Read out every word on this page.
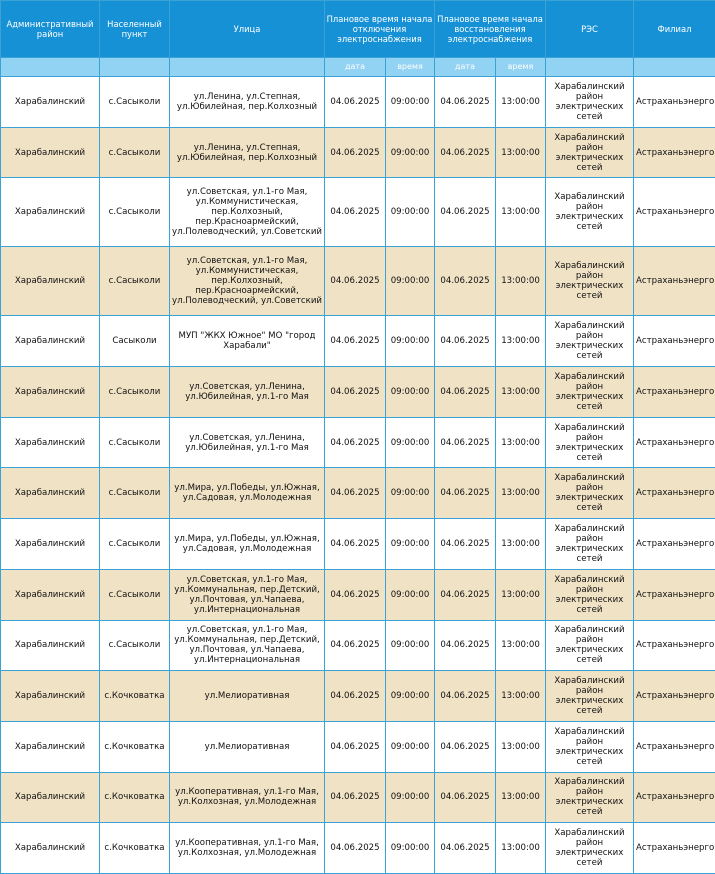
Административный район	Населенный пункт	Улица	Плановое время начала отключения электроснабжения		Плановое время начала восстановления электроснабжения		РЭС	Филиал
			дата	время	дата	время		
Харабалинский	с.Сасыколи	ул.Ленина, ул.Степная, ул.Юбилейная, пер.Колхозный	04.06.2025	09:00:00	04.06.2025	13:00:00	Харабалинский район электрических сетей	Астраханьэнерго
Харабалинский	с.Сасыколи	ул.Ленина, ул.Степная, ул.Юбилейная, пер.Колхозный	04.06.2025	09:00:00	04.06.2025	13:00:00	Харабалинский район электрических сетей	Астраханьэнерго
Харабалинский	с.Сасыколи	ул.Советская, ул.1-го Мая, ул.Коммунистическая, пер.Колхозный, пер.Красноармейский, ул.Полеводческий, ул.Советский	04.06.2025	09:00:00	04.06.2025	13:00:00	Харабалинский район электрических сетей	Астраханьэнерго
Харабалинский	с.Сасыколи	ул.Советская, ул.1-го Мая, ул.Коммунистическая, пер.Колхозный, пер.Красноармейский, ул.Полеводческий, ул.Советский	04.06.2025	09:00:00	04.06.2025	13:00:00	Харабалинский район электрических сетей	Астраханьэнерго
Харабалинский	Сасыколи	МУП "ЖКХ Южное" МО "город Харабали"	04.06.2025	09:00:00	04.06.2025	13:00:00	Харабалинский район электрических сетей	Астраханьэнерго
Харабалинский	с.Сасыколи	ул.Советская, ул.Ленина, ул.Юбилейная, ул.1-го Мая	04.06.2025	09:00:00	04.06.2025	13:00:00	Харабалинский район электрических сетей	Астраханьэнерго
Харабалинский	с.Сасыколи	ул.Советская, ул.Ленина, ул.Юбилейная, ул.1-го Мая	04.06.2025	09:00:00	04.06.2025	13:00:00	Харабалинский район электрических сетей	Астраханьэнерго
Харабалинский	с.Сасыколи	ул.Мира, ул.Победы, ул.Южная, ул.Садовая, ул.Молодежная	04.06.2025	09:00:00	04.06.2025	13:00:00	Харабалинский район электрических сетей	Астраханьэнерго
Харабалинский	с.Сасыколи	ул.Мира, ул.Победы, ул.Южная, ул.Садовая, ул.Молодежная	04.06.2025	09:00:00	04.06.2025	13:00:00	Харабалинский район электрических сетей	Астраханьэнерго
Харабалинский	с.Сасыколи	ул.Советская, ул.1-го Мая, ул.Коммунальная, пер.Детский, ул.Почтовая, ул.Чапаева, ул.Интернациональная	04.06.2025	09:00:00	04.06.2025	13:00:00	Харабалинский район электрических сетей	Астраханьэнерго
Харабалинский	с.Сасыколи	ул.Советская, ул.1-го Мая, ул.Коммунальная, пер.Детский, ул.Почтовая, ул.Чапаева, ул.Интернациональная	04.06.2025	09:00:00	04.06.2025	13:00:00	Харабалинский район электрических сетей	Астраханьэнерго
Харабалинский	с.Кочковатка	ул.Мелиоративная	04.06.2025	09:00:00	04.06.2025	13:00:00	Харабалинский район электрических сетей	Астраханьэнерго
Харабалинский	с.Кочковатка	ул.Мелиоративная	04.06.2025	09:00:00	04.06.2025	13:00:00	Харабалинский район электрических сетей	Астраханьэнерго
Харабалинский	с.Кочковатка	ул.Кооперативная, ул.1-го Мая, ул.Колхозная, ул.Молодежная	04.06.2025	09:00:00	04.06.2025	13:00:00	Харабалинский район электрических сетей	Астраханьэнерго
Харабалинский	с.Кочковатка	ул.Кооперативная, ул.1-го Мая, ул.Колхозная, ул.Молодежная	04.06.2025	09:00:00	04.06.2025	13:00:00	Харабалинский район электрических сетей	Астраханьэнерго
